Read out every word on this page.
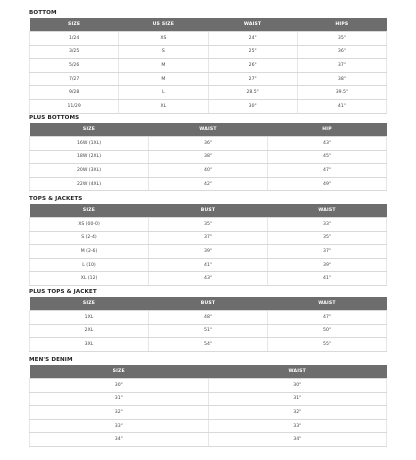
BOTTOM
SIZE	US SIZE	WAIST	HIPS
1/24	XS	24"	35"
3/25	S	25"	36"
5/26	M	26"	37"
7/27	M	27"	38"
9/28	L	28.5"	39.5"
11/29	XL	30"	41"
PLUS BOTTOMS
SIZE	WAIST	HIP
16W (1XL)	36"	43"
18W (2XL)	38"	45"
20W (3XL)	40"	47"
22W (4XL)	42"	49"
TOPS & JACKETS
SIZE	BUST	WAIST
XS (00-0)	35"	33"
S (2-4)	37"	35"
M (2-6)	39"	37"
L (10)	41"	39"
XL (12)	43"	41"
PLUS TOPS & JACKET
SIZE	BUST	WAIST
1XL	48"	47"
2XL	51"	50"
3XL	54"	55"
MEN'S DENIM
SIZE	WAIST
30"	30"
31"	31"
32"	32"
33"	33"
34"	34"
